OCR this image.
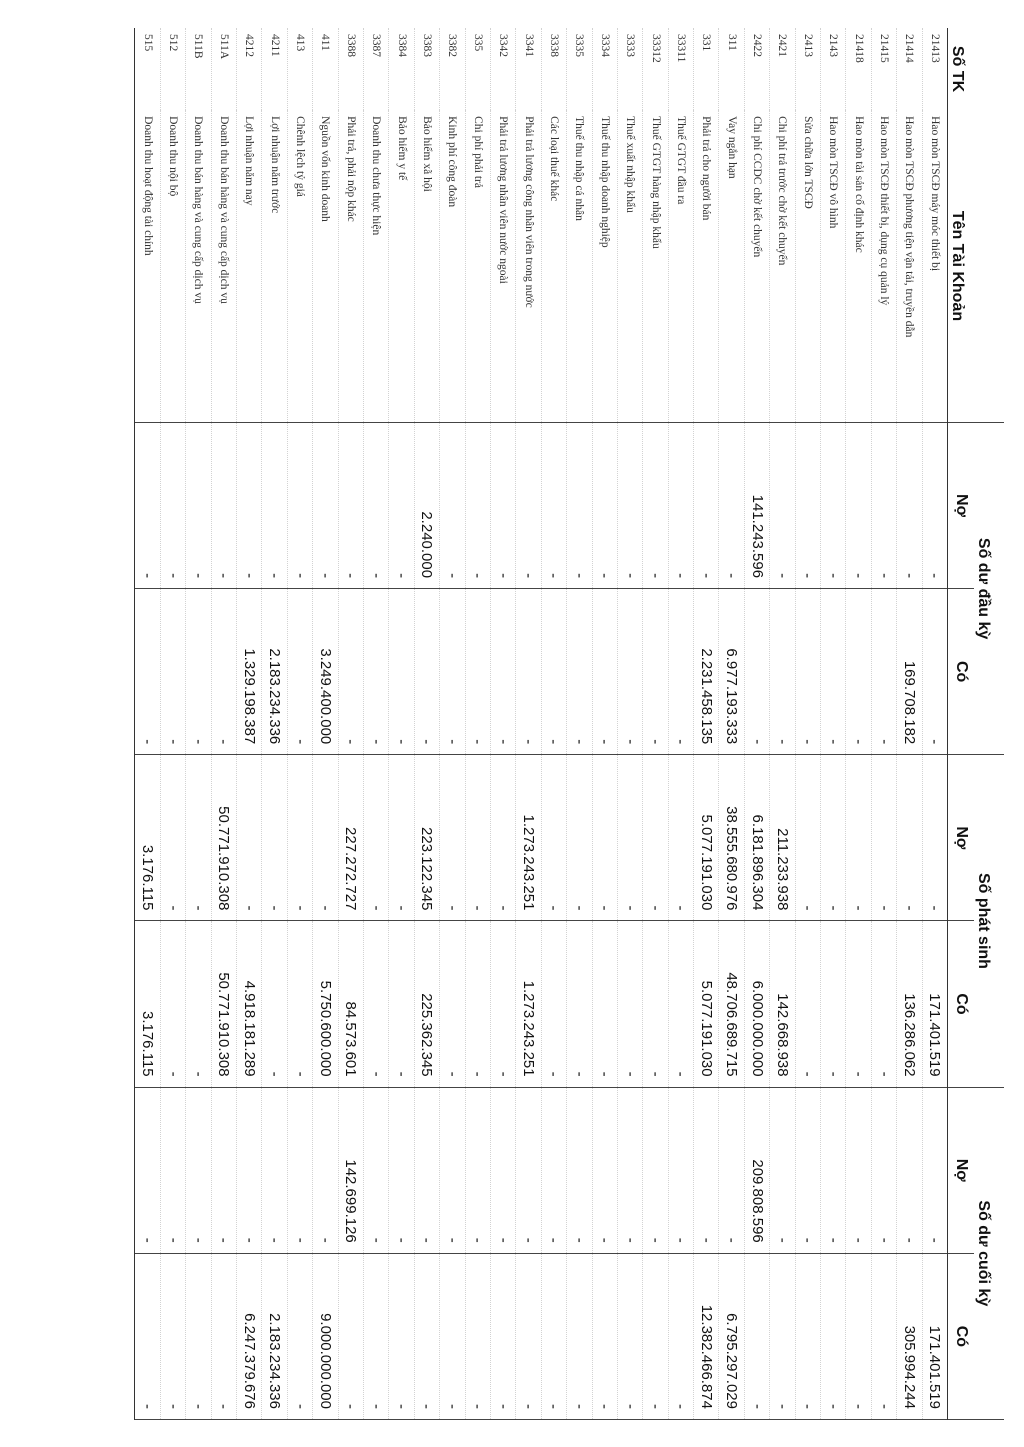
Số TK	Tên Tài Khoản	Số dư đầu kỳ		Số phát sinh		Số dư cuối kỳ	
		Nợ	Có	Nợ	Có	Nợ	Có
21413	Hao mòn TSCĐ máy móc thiết bị	-	-	-	171.401.519	-	171.401.519
21414	Hao mòn TSCĐ phương tiện vận tải, truyền dẫn	-	169.708.182	-	136.286.062	-	305.994.244
21415	Hao mòn TSCĐ thiết bị, dụng cụ quản lý	-	-	-	-	-	-
21418	Hao mòn tài sản cố định khác	-	-	-	-	-	-
2143	Hao mòn TSCĐ vô hình	-	-	-	-	-	-
2413	Sửa chữa lớn TSCĐ	-	-	-	-	-	-
2421	Chi phí trả trước chờ kết chuyển	-	-	211.233.938	142.668.938	-	-
2422	Chi phí CCDC chờ kết chuyển	141.243.596	-	6.181.896.304	6.000.000.000	209.808.596	-
311	Vay ngắn hạn	-	6.977.193.333	38.555.680.976	48.706.689.715	-	6.795.297.029
331	Phải trả cho người bán	-	2.231.458.135	5.077.191.030	5.077.191.030	-	12.382.466.874
33311	Thuế GTGT đầu ra	-	-	-	-	-	-
33312	Thuế GTGT hàng nhập khẩu	-	-	-	-	-	-
3333	Thuế xuất nhập khẩu	-	-	-	-	-	-
3334	Thuế thu nhập doanh nghiệp	-	-	-	-	-	-
3335	Thuế thu nhập cá nhân	-	-	-	-	-	-
3338	Các loại thuế khác	-	-	-	-	-	-
3341	Phải trả lương công nhân viên trong nước	-	-	1.273.243.251	1.273.243.251	-	-
3342	Phải trả lương nhân viên nước ngoài	-	-	-	-	-	-
335	Chi phí phải trả	-	-	-	-	-	-
3382	Kinh phí công đoàn	-	-	-	-	-	-
3383	Bảo hiểm xã hội	2.240.000	-	223.122.345	225.362.345	-	-
3384	Bảo hiểm y tế	-	-	-	-	-	-
3387	Doanh thu chưa thực hiện	-	-	-	-	-	-
3388	Phải trả, phải nộp khác	-	-	227.272.727	84.573.601	142.699.126	-
411	Nguồn vốn kinh doanh	-	3.249.400.000	-	5.750.600.000	-	9.000.000.000
413	Chênh lệch tỷ giá	-	-	-	-	-	-
4211	Lợi nhuận năm trước	-	2.183.234.336	-	-	-	2.183.234.336
4212	Lợi nhuận năm nay	-	1.329.198.387	-	4.918.181.289	-	6.247.379.676
511A	Doanh thu bán hàng và cung cấp dịch vụ	-	-	50.771.910.308	50.771.910.308	-	-
511B	Doanh thu bán hàng và cung cấp dịch vụ	-	-	-	-	-	-
512	Doanh thu nội bộ	-	-	-	-	-	-
515	Doanh thu hoạt động tài chính	-	-	3.176.115	3.176.115	-	-
